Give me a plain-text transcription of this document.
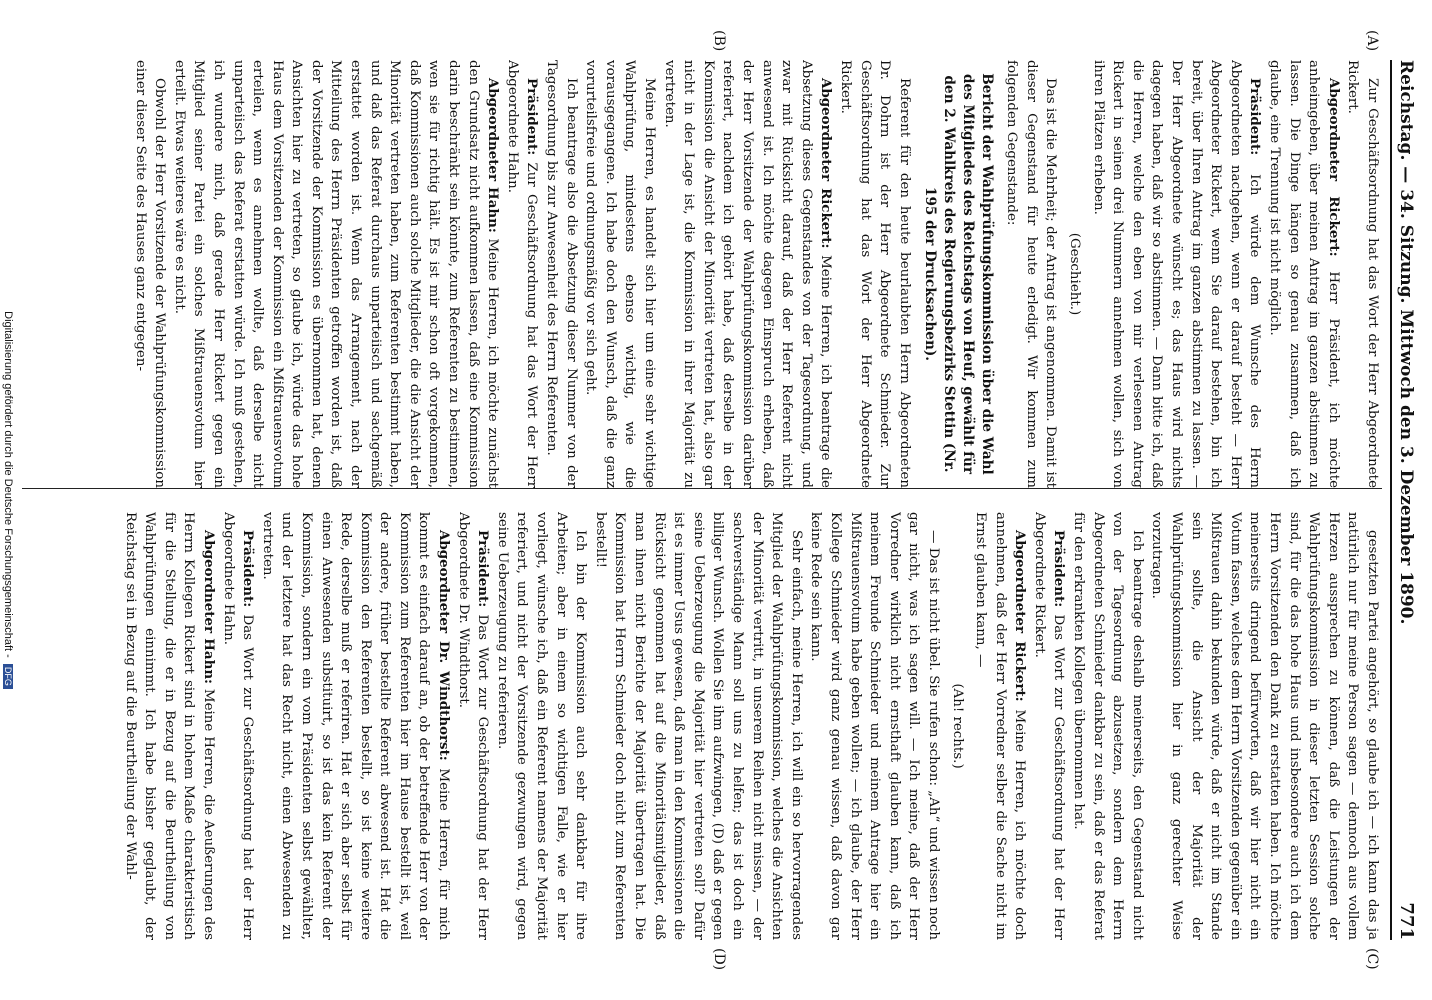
Reichstag. — 34. Sitzung. Mittwoch den 3. Dezember 1890.
771
(A)
(B)
(C)
(D)

Zur Geschäftsordnung hat das Wort der Herr Abgeordnete Rickert.

Abgeordneter Rickert: Herr Präsident, ich möchte anheimgeben, über meinen Antrag im ganzen abstimmen zu lassen. Die Dinge hängen so genau zusammen, daß ich glaube, eine Trennung ist nicht möglich.

Präsident: Ich würde dem Wunsche des Herrn Abgeordneten nachgehen, wenn er darauf besteht — Herr Abgeordneter Rickert, wenn Sie darauf bestehen, bin ich bereit, über Ihren Antrag im ganzen abstimmen zu lassen. — Der Herr Abgeordnete wünscht es; das Haus wird nichts dagegen haben, daß wir so abstimmen. — Dann bitte ich, daß die Herren, welche den eben von mir verlesenen Antrag Rickert in seinen drei Nummern annehmen wollen, sich von ihren Plätzen erheben.

(Geschieht.)

Das ist die Mehrheit; der Antrag ist angenommen. Damit ist dieser Gegenstand für heute erledigt. Wir kommen zum folgenden Gegenstande:

Bericht der Wahlprüfungskommission über die Wahl des Mitgliedes des Reichstags von Heuf, gewählt für den 2. Wahlkreis des Regierungsbezirks Stettin (Nr. 195 der Drucksachen).

Referent für den heute beurlaubten Herrn Abgeordneten Dr. Dohrn ist der Herr Abgeordnete Schmieder. Zur Geschäftsordnung hat das Wort der Herr Abgeordnete Rickert.

Abgeordneter Rickert: Meine Herren, ich beantrage die Absetzung dieses Gegenstandes von der Tagesordnung, und zwar mit Rücksicht darauf, daß der Herr Referent nicht anwesend ist. Ich möchte dagegen Einspruch erheben, daß der Herr Vorsitzende der Wahlprüfungskommission darüber referiert, nachdem ich gehört habe, daß derselbe in der Kommission die Ansicht der Minorität vertreten hat, also gar nicht in der Lage ist, die Kommission in ihrer Majorität zu vertreten.

Meine Herren, es handelt sich hier um eine sehr wichtige Wahlprüfung, mindestens ebenso wichtig, wie die vorausgegangene. Ich habe doch den Wunsch, daß die ganz vorurteilsfreie und ordnungsmäßig vor sich geht.

Ich beantrage also die Absetzung dieser Nummer von der Tagesordnung bis zur Anwesenheit des Herrn Referenten.

Präsident: Zur Geschäftsordnung hat das Wort der Herr Abgeordnete Hahn.

Abgeordneter Hahn: Meine Herren, ich möchte zunächst den Grundsatz nicht aufkommen lassen, daß eine Kommission darin beschränkt sein könnte, zum Referenten zu bestimmen, wen sie für richtig hält. Es ist mir schon oft vorgekommen, daß Kommissionen auch solche Mitglieder, die die Ansicht der Minorität vertreten haben, zum Referenten bestimmt haben, und daß das Referat durchaus unparteiisch und sachgemäß erstattet worden ist. Wenn das Arrangement, nach der Mitteilung des Herrn Präsidenten getroffen worden ist, daß der Vorsitzende der Kommission es übernommen hat, denen Ansichten hier zu vertreten, so glaube ich, würde das hohe Haus dem Vorsitzenden der Kommission ein Mißtrauensvotum erteilen, wenn es annehmen wollte, daß derselbe nicht unparteiisch das Referat erstatten würde. Ich muß gestehen, ich wundere mich, daß gerade Herr Rickert gegen ein Mitglied seiner Partei ein solches Mißtrauensvotum hier erteilt. Etwas weiteres wäre es nicht.

Obwohl der Herr Vorsitzende der Wahlprüfungskommission einer dieser Seite des Hauses ganz entgegen-

gesetzten Partei angehört, so glaube ich — ich kann das ja natürlich nur für meine Person sagen — dennoch aus vollem Herzen aussprechen zu können, daß die Leistungen der Wahlprüfungskommission in dieser letzten Session solche sind, für die das hohe Haus und insbesondere auch ich dem Herrn Vorsitzenden den Dank zu erstatten haben. Ich möchte meinerseits dringend befürworten, daß wir hier nicht ein Votum fassen, welches dem Herrn Vorsitzenden gegenüber ein Mißtrauen dahin bekunden würde, daß er nicht im Stande sein sollte, die Ansicht der Majorität der Wahlprüfungskommission hier in ganz gerechter Weise vorzutragen.

Ich beantrage deshalb meinerseits, den Gegenstand nicht von der Tagesordnung abzusetzen, sondern dem Herrn Abgeordneten Schmieder dankbar zu sein, daß er das Referat für den erkrankten Kollegen übernommen hat.

Präsident: Das Wort zur Geschäftsordnung hat der Herr Abgeordnete Rickert.

Abgeordneter Rickert: Meine Herren, ich möchte doch annehmen, daß der Herr Vorredner selber die Sache nicht im Ernst glauben kann, —

(Ah! rechts.)

— Das ist nicht übel. Sie rufen schon: „Ah“ und wissen noch gar nicht, was ich sagen will. — Ich meine, daß der Herr Vorredner wirklich nicht ernsthaft glauben kann, daß ich meinem Freunde Schmieder und meinem Antrage hier ein Mißtrauensvotum habe geben wollen; — ich glaube, der Herr Kollege Schmieder wird ganz genau wissen, daß davon gar keine Rede sein kann.

Sehr einfach, meine Herren, ich will ein so hervorragendes Mitglied der Wahlprüfungskommission, welches die Ansichten der Minorität vertritt, in unserem Reihen nicht missen, — der sachverständige Mann soll uns zu helfen; das ist doch ein billiger Wunsch. Wollen Sie ihm aufzwingen, (D) daß er gegen seine Ueberzeugung die Majorität hier vertreten soll? Dafür ist es immer Usus gewesen, daß man in den Kommissionen die Rücksicht genommen hat auf die Minoritätsmitglieder, daß man ihnen nicht Berichte der Majorität übertragen hat. Die Kommission hat Herrn Schmieder doch nicht zum Referenten bestellt!

Ich bin der Kommission auch sehr dankbar für ihre Arbeiten; aber in einem so wichtigen Falle, wie er hier vorliegt, wünsche ich, daß ein Referent namens der Majorität referiert, und nicht der Vorsitzende gezwungen wird, gegen seine Ueberzeugung zu referieren.

Präsident: Das Wort zur Geschäftsordnung hat der Herr Abgeordnete Dr. Windthorst.

Abgeordneter Dr. Windthorst: Meine Herren, für mich kommt es einfach darauf an, ob der betreffende Herr von der Kommission zum Referenten hier im Hause bestellt ist, weil der andere, früher bestellte Referent abwesend ist. Hat die Kommission den Referenten bestellt, so ist keine weitere Rede, derselbe muß er referiren. Hat er sich aber selbst für einen Anwesenden substituirt, so ist das kein Referent der Kommission, sondern ein vom Präsidenten selbst gewählter, und der letztere hat das Recht nicht, einen Abwesenden zu vertreten.

Präsident: Das Wort zur Geschäftsordnung hat der Herr Abgeordnete Hahn.

Abgeordneter Hahn: Meine Herren, die Aeußerungen des Herrn Kollegen Rickert sind in hohem Maße charakteristisch für die Stellung, die er in Bezug auf die Beurtheilung von Wahlprüfungen einnimmt. Ich habe bisher geglaubt, der Reichstag sei in Bezug auf die Beurtheilung der Wahl-

Digitalisierung gefördert durch die Deutsche Forschungsgemeinschaft -DFG
